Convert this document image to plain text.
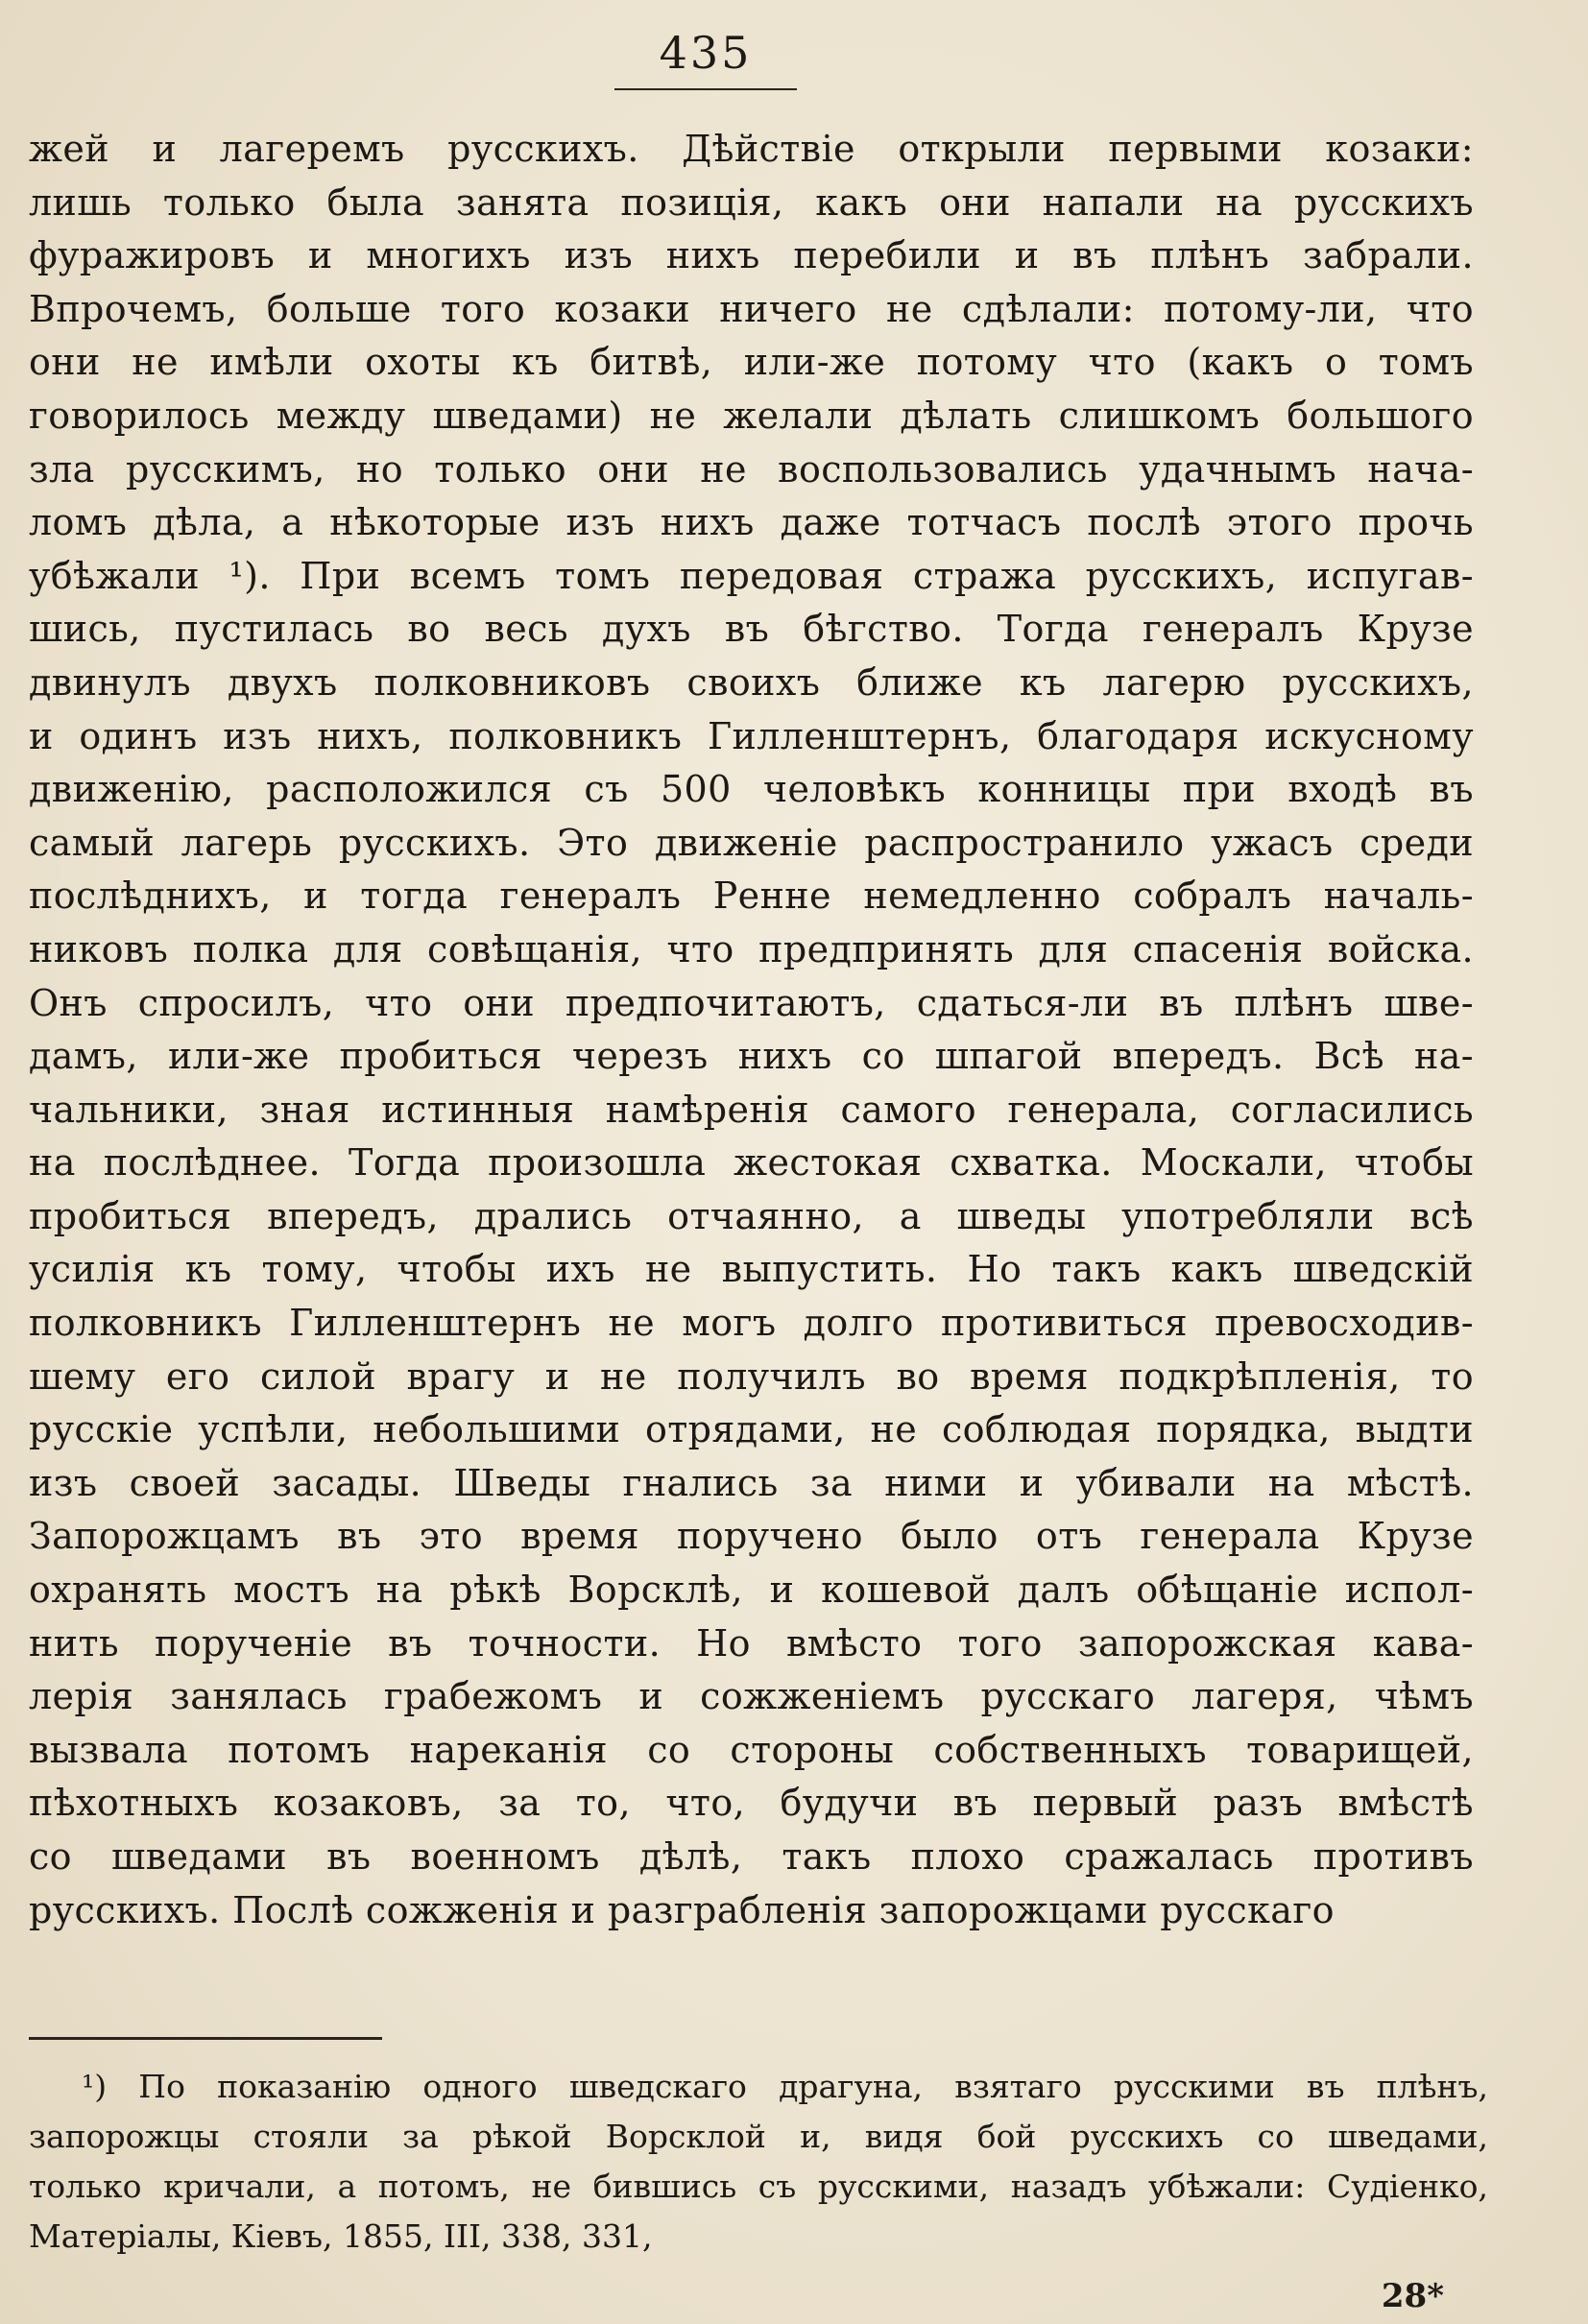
435
жей и лагеремъ русскихъ. Дѣйствіе открыли первыми козаки:
лишь только была занята позиція, какъ они напали на русскихъ
фуражировъ и многихъ изъ нихъ перебили и въ плѣнъ забрали.
Впрочемъ, больше того козаки ничего не сдѣлали: потому-ли, что
они не имѣли охоты къ битвѣ, или-же потому что (какъ о томъ
говорилось между шведами) не желали дѣлать слишкомъ большого
зла русскимъ, но только они не воспользовались удачнымъ нача-
ломъ дѣла, а нѣкоторые изъ нихъ даже тотчасъ послѣ этого прочь
убѣжали ¹). При всемъ томъ передовая стража русскихъ, испугав-
шись, пустилась во весь духъ въ бѣгство. Тогда генералъ Крузе
двинулъ двухъ полковниковъ своихъ ближе къ лагерю русскихъ,
и одинъ изъ нихъ, полковникъ Гилленштернъ, благодаря искусному
движенію, расположился съ 500 человѣкъ конницы при входѣ въ
самый лагерь русскихъ. Это движеніе распространило ужасъ среди
послѣднихъ, и тогда генералъ Ренне немедленно собралъ началь-
никовъ полка для совѣщанія, что предпринять для спасенія войска.
Онъ спросилъ, что они предпочитаютъ, сдаться-ли въ плѣнъ шве-
дамъ, или-же пробиться черезъ нихъ со шпагой впередъ. Всѣ на-
чальники, зная истинныя намѣренія самого генерала, согласились
на послѣднее. Тогда произошла жестокая схватка. Москали, чтобы
пробиться впередъ, дрались отчаянно, а шведы употребляли всѣ
усилія къ тому, чтобы ихъ не выпустить. Но такъ какъ шведскій
полковникъ Гилленштернъ не могъ долго противиться превосходив-
шему его силой врагу и не получилъ во время подкрѣпленія, то
русскіе успѣли, небольшими отрядами, не соблюдая порядка, выдти
изъ своей засады. Шведы гнались за ними и убивали на мѣстѣ.
Запорожцамъ въ это время поручено было отъ генерала Крузе
охранять мостъ на рѣкѣ Ворсклѣ, и кошевой далъ обѣщаніе испол-
нить порученіе въ точности. Но вмѣсто того запорожская кава-
лерія занялась грабежомъ и сожженіемъ русскаго лагеря, чѣмъ
вызвала потомъ нареканія со стороны собственныхъ товарищей,
пѣхотныхъ козаковъ, за то, что, будучи въ первый разъ вмѣстѣ
со шведами въ военномъ дѣлѣ, такъ плохо сражалась противъ
русскихъ. Послѣ сожженія и разграбленія запорожцами русскаго
¹) По показанію одного шведскаго драгуна, взятаго русскими въ плѣнъ,
запорожцы стояли за рѣкой Ворсклой и, видя бой русскихъ со шведами,
только кричали, а потомъ, не бившись съ русскими, назадъ убѣжали: Судіенко,
Матеріалы, Кіевъ, 1855, III, 338, 331,
28*
